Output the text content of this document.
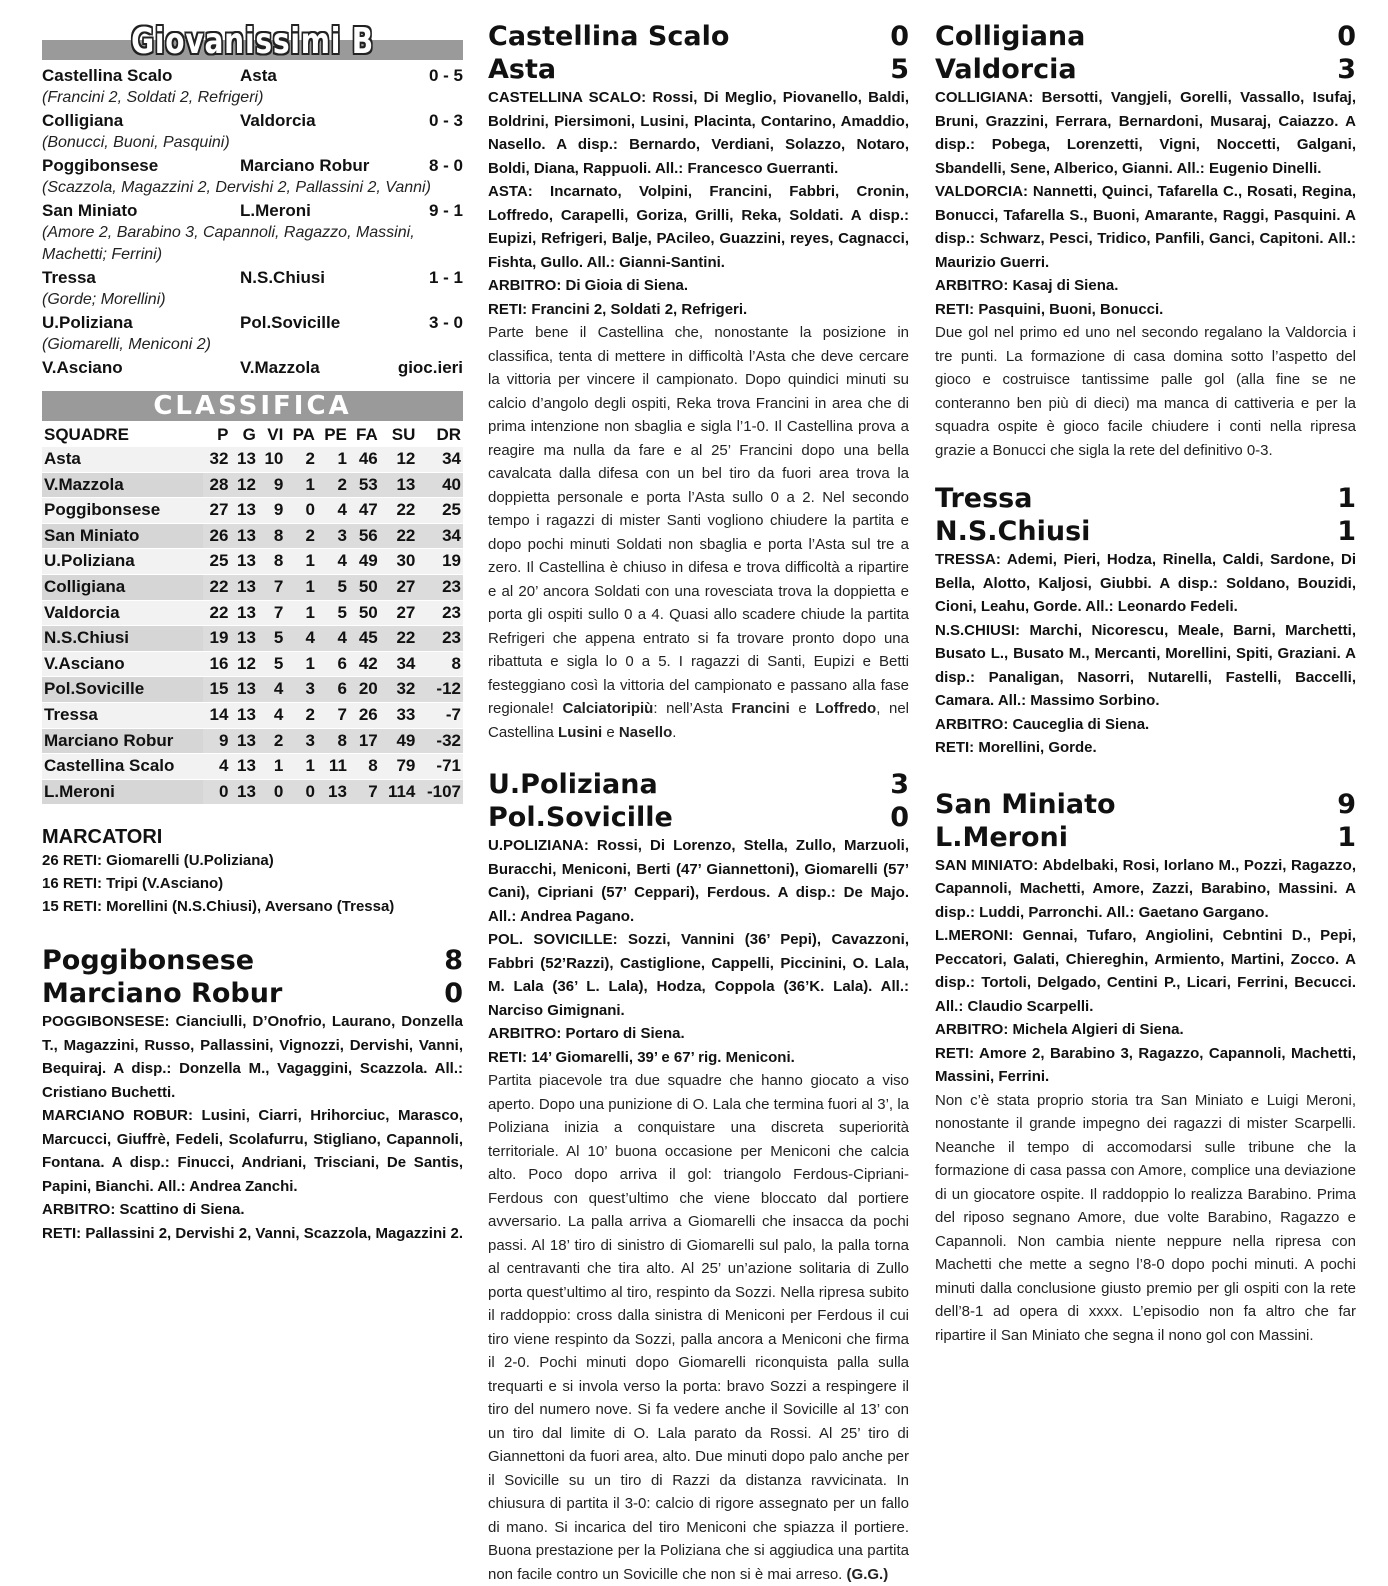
Giovanissimi B
Castellina Scalo	Asta	0 - 5
(Francini 2, Soldati 2, Refrigeri)
Colligiana	Valdorcia	0 - 3
(Bonucci, Buoni, Pasquini)
Poggibonsese	Marciano Robur	8 - 0
(Scazzola, Magazzini 2, Dervishi 2, Pallassini 2, Vanni)
San Miniato	L.Meroni	9 - 1
(Amore 2, Barabino 3, Capannoli, Ragazzo, Massini, Machetti; Ferrini)
Tressa	N.S.Chiusi	1 - 1
(Gorde; Morellini)
U.Poliziana	Pol.Sovicille	3 - 0
(Giomarelli, Meniconi 2)
V.Asciano	V.Mazzola	gioc.ieri
CLASSIFICA
SQUADRE	P	G	VI	PA	PE	FA	SU	DR
Asta	32	13	10	2	1	46	12	34
V.Mazzola	28	12	9	1	2	53	13	40
Poggibonsese	27	13	9	0	4	47	22	25
San Miniato	26	13	8	2	3	56	22	34
U.Poliziana	25	13	8	1	4	49	30	19
Colligiana	22	13	7	1	5	50	27	23
Valdorcia	22	13	7	1	5	50	27	23
N.S.Chiusi	19	13	5	4	4	45	22	23
V.Asciano	16	12	5	1	6	42	34	8
Pol.Sovicille	15	13	4	3	6	20	32	-12
Tressa	14	13	4	2	7	26	33	-7
Marciano Robur	9	13	2	3	8	17	49	-32
Castellina Scalo	4	13	1	1	11	8	79	-71
L.Meroni	0	13	0	0	13	7	114	-107
MARCATORI
26 RETI: Giomarelli (U.Poliziana)
16 RETI: Tripi (V.Asciano)
15 RETI: Morellini (N.S.Chiusi), Aversano (Tressa)
Poggibonsese	8
Marciano Robur	0

POGGIBONSESE: Cianciulli, D’Onofrio, Laurano, Donzella T., Magazzini, Russo, Pallassini, Vignozzi, Dervishi, Vanni, Bequiraj. A disp.: Donzella M., Vagaggini, Scazzola. All.: Cristiano Buchetti.

MARCIANO ROBUR: Lusini, Ciarri, Hrihorciuc, Marasco, Marcucci, Giuffrè, Fedeli, Scolafurru, Stigliano, Capannoli, Fontana. A disp.: Finucci, Andriani, Trisciani, De Santis, Papini, Bianchi. All.: Andrea Zanchi.

ARBITRO: Scattino di Siena.

RETI: Pallassini 2, Dervishi 2, Vanni, Scazzola, Magazzini 2.

Castellina Scalo	0
Asta	5

CASTELLINA SCALO: Rossi, Di Meglio, Piovanello, Baldi, Boldrini, Piersimoni, Lusini, Placinta, Contarino, Amaddio, Nasello. A disp.: Bernardo, Verdiani, Solazzo, Notaro, Boldi, Diana, Rappuoli. All.: Francesco Guerranti.

ASTA: Incarnato, Volpini, Francini, Fabbri, Cronin, Loffredo, Carapelli, Goriza, Grilli, Reka, Soldati. A disp.: Eupizi, Refrigeri, Balje, PAcileo, Guazzini, reyes, Cagnacci, Fishta, Gullo. All.: Gianni-Santini.

ARBITRO: Di Gioia di Siena.

RETI: Francini 2, Soldati 2, Refrigeri.

Parte bene il Castellina che, nonostante la posizione in classifica, tenta di mettere in difficoltà l’Asta che deve cercare la vittoria per vincere il campionato. Dopo quindici minuti su calcio d’angolo degli ospiti, Reka trova Francini in area che di prima intenzione non sbaglia e sigla l’1-0. Il Castellina prova a reagire ma nulla da fare e al 25’ Francini dopo una bella cavalcata dalla difesa con un bel tiro da fuori area trova la doppietta personale e porta l’Asta sullo 0 a 2. Nel secondo tempo i ragazzi di mister Santi vogliono chiudere la partita e dopo pochi minuti Soldati non sbaglia e porta l’Asta sul tre a zero. Il Castellina è chiuso in difesa e trova difficoltà a ripartire e al 20’ ancora Soldati con una rovesciata trova la doppietta e porta gli ospiti sullo 0 a 4. Quasi allo scadere chiude la partita Refrigeri che appena entrato si fa trovare pronto dopo una ribattuta e sigla lo 0 a 5. I ragazzi di Santi, Eupizi e Betti festeggiano così la vittoria del campionato e passano alla fase regionale! Calciatoripiù: nell’Asta Francini e Loffredo, nel Castellina Lusini e Nasello.

U.Poliziana	3
Pol.Sovicille	0

U.POLIZIANA: Rossi, Di Lorenzo, Stella, Zullo, Marzuoli, Buracchi, Meniconi, Berti (47’ Giannettoni), Giomarelli (57’ Cani), Cipriani (57’ Ceppari), Ferdous. A disp.: De Majo. All.: Andrea Pagano.

POL. SOVICILLE: Sozzi, Vannini (36’ Pepi), Cavazzoni, Fabbri (52’Razzi), Castiglione, Cappelli, Piccinini, O. Lala, M. Lala (36’ L. Lala), Hodza, Coppola (36’K. Lala). All.: Narciso Gimignani.

ARBITRO: Portaro di Siena.

RETI: 14’ Giomarelli, 39’ e 67’ rig. Meniconi.

Partita piacevole tra due squadre che hanno giocato a viso aperto. Dopo una punizione di O. Lala che termina fuori al 3’, la Poliziana inizia a conquistare una discreta superiorità territoriale. Al 10’ buona occasione per Meniconi che calcia alto. Poco dopo arriva il gol: triangolo Ferdous-Cipriani-Ferdous con quest’ultimo che viene bloccato dal portiere avversario. La palla arriva a Giomarelli che insacca da pochi passi. Al 18’ tiro di sinistro di Giomarelli sul palo, la palla torna al centravanti che tira alto. Al 25’ un’azione solitaria di Zullo porta quest’ultimo al tiro, respinto da Sozzi. Nella ripresa subito il raddoppio: cross dalla sinistra di Meniconi per Ferdous il cui tiro viene respinto da Sozzi, palla ancora a Meniconi che firma il 2-0. Pochi minuti dopo Giomarelli riconquista palla sulla trequarti e si invola verso la porta: bravo Sozzi a respingere il tiro del numero nove. Si fa vedere anche il Sovicille al 13’ con un tiro dal limite di O. Lala parato da Rossi. Al 25’ tiro di Giannettoni da fuori area, alto. Due minuti dopo palo anche per il Sovicille su un tiro di Razzi da distanza ravvicinata. In chiusura di partita il 3-0: calcio di rigore assegnato per un fallo di mano. Si incarica del tiro Meniconi che spiazza il portiere. Buona prestazione per la Poliziana che si aggiudica una partita non facile contro un Sovicille che non si è mai arreso. (G.G.)

Colligiana	0
Valdorcia	3

COLLIGIANA: Bersotti, Vangjeli, Gorelli, Vassallo, Isufaj, Bruni, Grazzini, Ferrara, Bernardoni, Musaraj, Caiazzo. A disp.: Pobega, Lorenzetti, Vigni, Noccetti, Galgani, Sbandelli, Sene, Alberico, Gianni. All.: Eugenio Dinelli.

VALDORCIA: Nannetti, Quinci, Tafarella C., Rosati, Regina, Bonucci, Tafarella S., Buoni, Amarante, Raggi, Pasquini. A disp.: Schwarz, Pesci, Tridico, Panfili, Ganci, Capitoni. All.: Maurizio Guerri.

ARBITRO: Kasaj di Siena.

RETI: Pasquini, Buoni, Bonucci.

Due gol nel primo ed uno nel secondo regalano la Valdorcia i tre punti. La formazione di casa domina sotto l’aspetto del gioco e costruisce tantissime palle gol (alla fine se ne conteranno ben più di dieci) ma manca di cattiveria e per la squadra ospite è gioco facile chiudere i conti nella ripresa grazie a Bonucci che sigla la rete del definitivo 0-3.

Tressa	1
N.S.Chiusi	1

TRESSA: Ademi, Pieri, Hodza, Rinella, Caldi, Sardone, Di Bella, Alotto, Kaljosi, Giubbi. A disp.: Soldano, Bouzidi, Cioni, Leahu, Gorde. All.: Leonardo Fedeli.

N.S.CHIUSI: Marchi, Nicorescu, Meale, Barni, Marchetti, Busato L., Busato M., Mercanti, Morellini, Spiti, Graziani. A disp.: Panaligan, Nasorri, Nutarelli, Fastelli, Baccelli, Camara. All.: Massimo Sorbino.

ARBITRO: Cauceglia di Siena.

RETI: Morellini, Gorde.

San Miniato	9
L.Meroni	1

SAN MINIATO: Abdelbaki, Rosi, Iorlano M., Pozzi, Ragazzo, Capannoli, Machetti, Amore, Zazzi, Barabino, Massini. A disp.: Luddi, Parronchi. All.: Gaetano Gargano.

L.MERONI: Gennai, Tufaro, Angiolini, Cebntini D., Pepi, Peccatori, Galati, Chiereghin, Armiento, Martini, Zocco. A disp.: Tortoli, Delgado, Centini P., Licari, Ferrini, Becucci. All.: Claudio Scarpelli.

ARBITRO: Michela Algieri di Siena.

RETI: Amore 2, Barabino 3, Ragazzo, Capannoli, Machetti, Massini, Ferrini.

Non c’è stata proprio storia tra San Miniato e Luigi Meroni, nonostante il grande impegno dei ragazzi di mister Scarpelli. Neanche il tempo di accomodarsi sulle tribune che la formazione di casa passa con Amore, complice una deviazione di un giocatore ospite. Il raddoppio lo realizza Barabino. Prima del riposo segnano Amore, due volte Barabino, Ragazzo e Capannoli. Non cambia niente neppure nella ripresa con Machetti che mette a segno l’8-0 dopo pochi minuti. A pochi minuti dalla conclusione giusto premio per gli ospiti con la rete dell’8-1 ad opera di xxxx. L’episodio non fa altro che far ripartire il San Miniato che segna il nono gol con Massini.
